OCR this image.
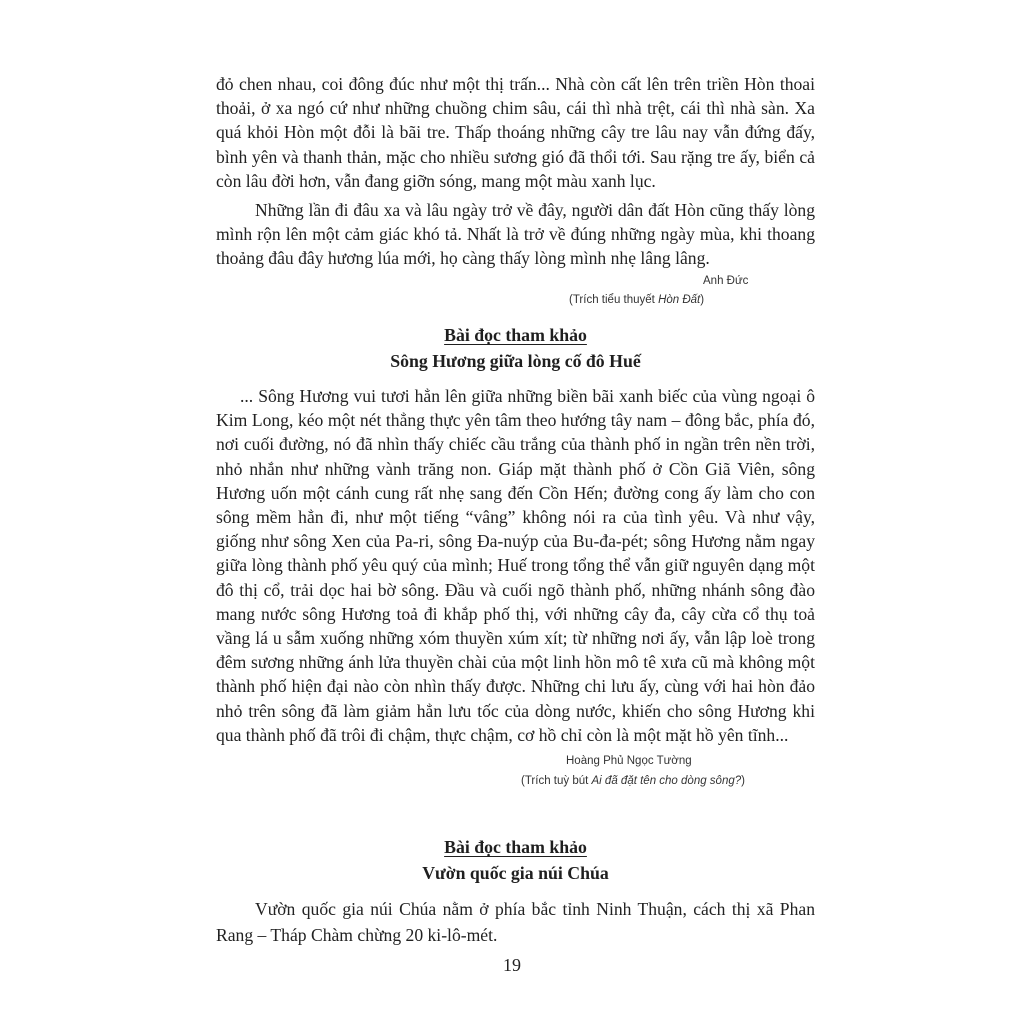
đỏ chen nhau, coi đông đúc như một thị trấn... Nhà còn cất lên trên triền Hòn thoai thoải, ở xa ngó cứ như những chuồng chim sâu, cái thì nhà trệt, cái thì nhà sàn. Xa quá khỏi Hòn một đỗi là bãi tre. Thấp thoáng những cây tre lâu nay vẫn đứng đấy, bình yên và thanh thản, mặc cho nhiều sương gió đã thổi tới. Sau rặng tre ấy, biển cả còn lâu đời hơn, vẫn đang giỡn sóng, mang một màu xanh lục.

Những lần đi đâu xa và lâu ngày trở về đây, người dân đất Hòn cũng thấy lòng mình rộn lên một cảm giác khó tả. Nhất là trở về đúng những ngày mùa, khi thoang thoảng đâu đây hương lúa mới, họ càng thấy lòng mình nhẹ lâng lâng.

Anh Đức
(Trích tiểu thuyết Hòn Đất)
Bài đọc tham khảo
Sông Hương giữa lòng cố đô Huế

... Sông Hương vui tươi hẳn lên giữa những biền bãi xanh biếc của vùng ngoại ô Kim Long, kéo một nét thẳng thực yên tâm theo hướng tây nam – đông bắc, phía đó, nơi cuối đường, nó đã nhìn thấy chiếc cầu trắng của thành phố in ngần trên nền trời, nhỏ nhắn như những vành trăng non. Giáp mặt thành phố ở Cồn Giã Viên, sông Hương uốn một cánh cung rất nhẹ sang đến Cồn Hến; đường cong ấy làm cho con sông mềm hẳn đi, như một tiếng “vâng” không nói ra của tình yêu. Và như vậy, giống như sông Xen của Pa-ri, sông Đa-nuýp của Bu-đa-pét; sông Hương nằm ngay giữa lòng thành phố yêu quý của mình; Huế trong tổng thể vẫn giữ nguyên dạng một đô thị cổ, trải dọc hai bờ sông. Đầu và cuối ngõ thành phố, những nhánh sông đào mang nước sông Hương toả đi khắp phố thị, với những cây đa, cây cừa cổ thụ toả vầng lá u sẫm xuống những xóm thuyền xúm xít; từ những nơi ấy, vẫn lập loè trong đêm sương những ánh lửa thuyền chài của một linh hồn mô tê xưa cũ mà không một thành phố hiện đại nào còn nhìn thấy được. Những chi lưu ấy, cùng với hai hòn đảo nhỏ trên sông đã làm giảm hẳn lưu tốc của dòng nước, khiến cho sông Hương khi qua thành phố đã trôi đi chậm, thực chậm, cơ hồ chỉ còn là một mặt hồ yên tĩnh...

Hoàng Phủ Ngọc Tường
(Trích tuỳ bút Ai đã đặt tên cho dòng sông?)
Bài đọc tham khảo
Vườn quốc gia núi Chúa

Vườn quốc gia núi Chúa nằm ở phía bắc tỉnh Ninh Thuận, cách thị xã Phan Rang – Tháp Chàm chừng 20 ki-lô-mét.

19
